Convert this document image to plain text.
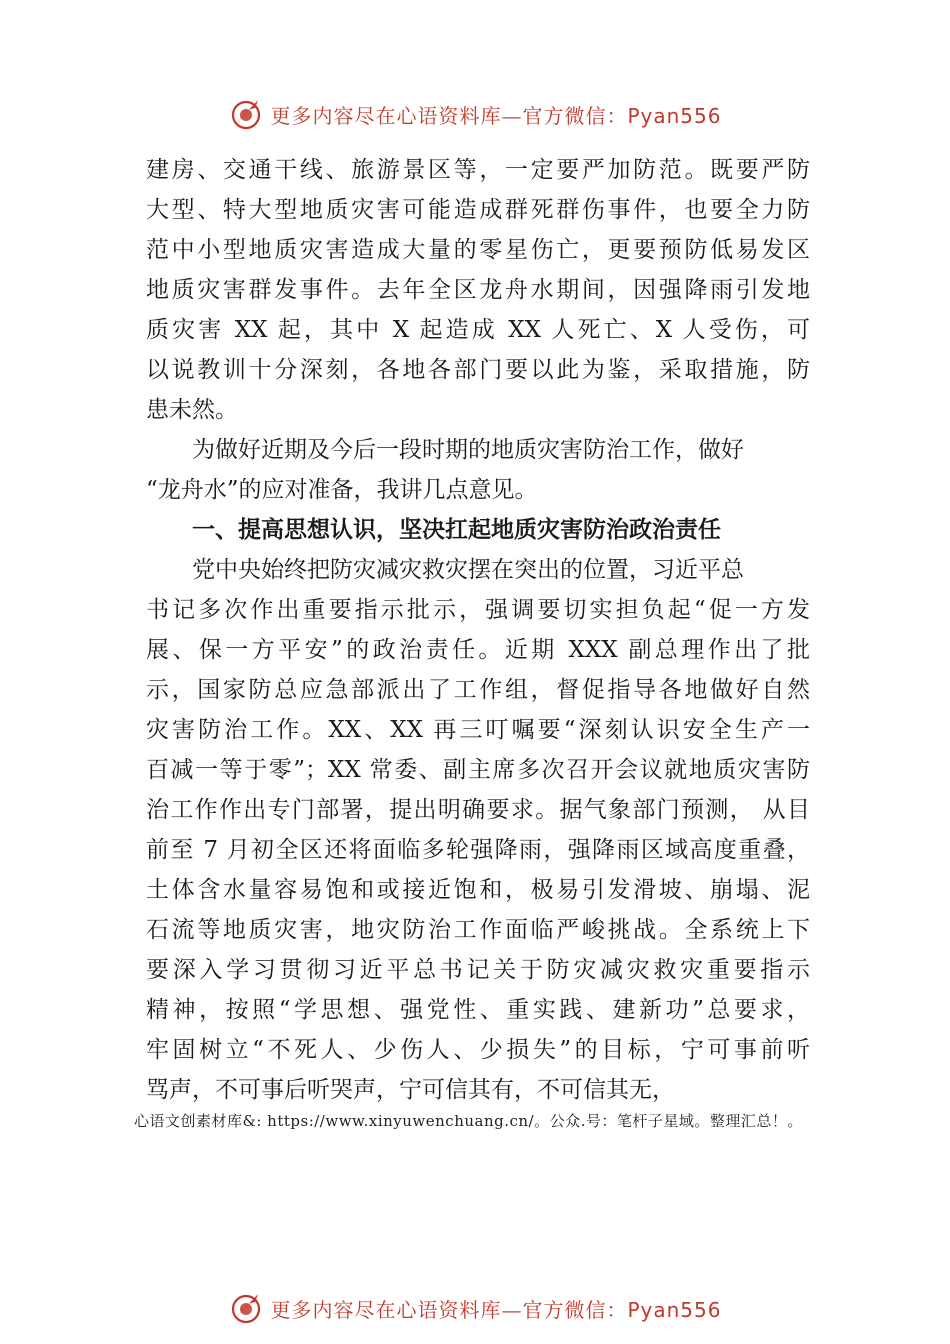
更多内容尽在心语资料库—官方微信：Pyan556
建房、交通干线、旅游景区等，一定要严加防范。既要严防
大型、特大型地质灾害可能造成群死群伤事件，也要全力防
范中小型地质灾害造成大量的零星伤亡，更要预防低易发区
地质灾害群发事件。去年全区龙舟水期间，因强降雨引发地
质灾害 XX 起，其中 X 起造成 XX 人死亡、X 人受伤，可
以说教训十分深刻，各地各部门要以此为鉴，采取措施，防
患未然。
为做好近期及今后一段时期的地质灾害防治工作，做好
“龙舟水”的应对准备，我讲几点意见。
一、提高思想认识，坚决扛起地质灾害防治政治责任
党中央始终把防灾减灾救灾摆在突出的位置，习近平总
书记多次作出重要指示批示，强调要切实担负起“促一方发
展、保一方平安”的政治责任。近期 XXX 副总理作出了批
示，国家防总应急部派出了工作组，督促指导各地做好自然
灾害防治工作。XX、XX 再三叮嘱要“深刻认识安全生产一
百减一等于零”；XX 常委、副主席多次召开会议就地质灾害防
治工作作出专门部署，提出明确要求。据气象部门预测， 从目
前至 7 月初全区还将面临多轮强降雨，强降雨区域高度重叠，
土体含水量容易饱和或接近饱和，极易引发滑坡、崩塌、泥
石流等地质灾害，地灾防治工作面临严峻挑战。全系统上下
要深入学习贯彻习近平总书记关于防灾减灾救灾重要指示
精神，按照“学思想、强党性、重实践、建新功”总要求，
牢固树立“不死人、少伤人、少损失”的目标，宁可事前听
骂声，不可事后听哭声，宁可信其有，不可信其无，
心语文创素材库&: https://www.xinyuwenchuang.cn/。公众.号：笔杆子星域。整理汇总！。
更多内容尽在心语资料库—官方微信：Pyan556
